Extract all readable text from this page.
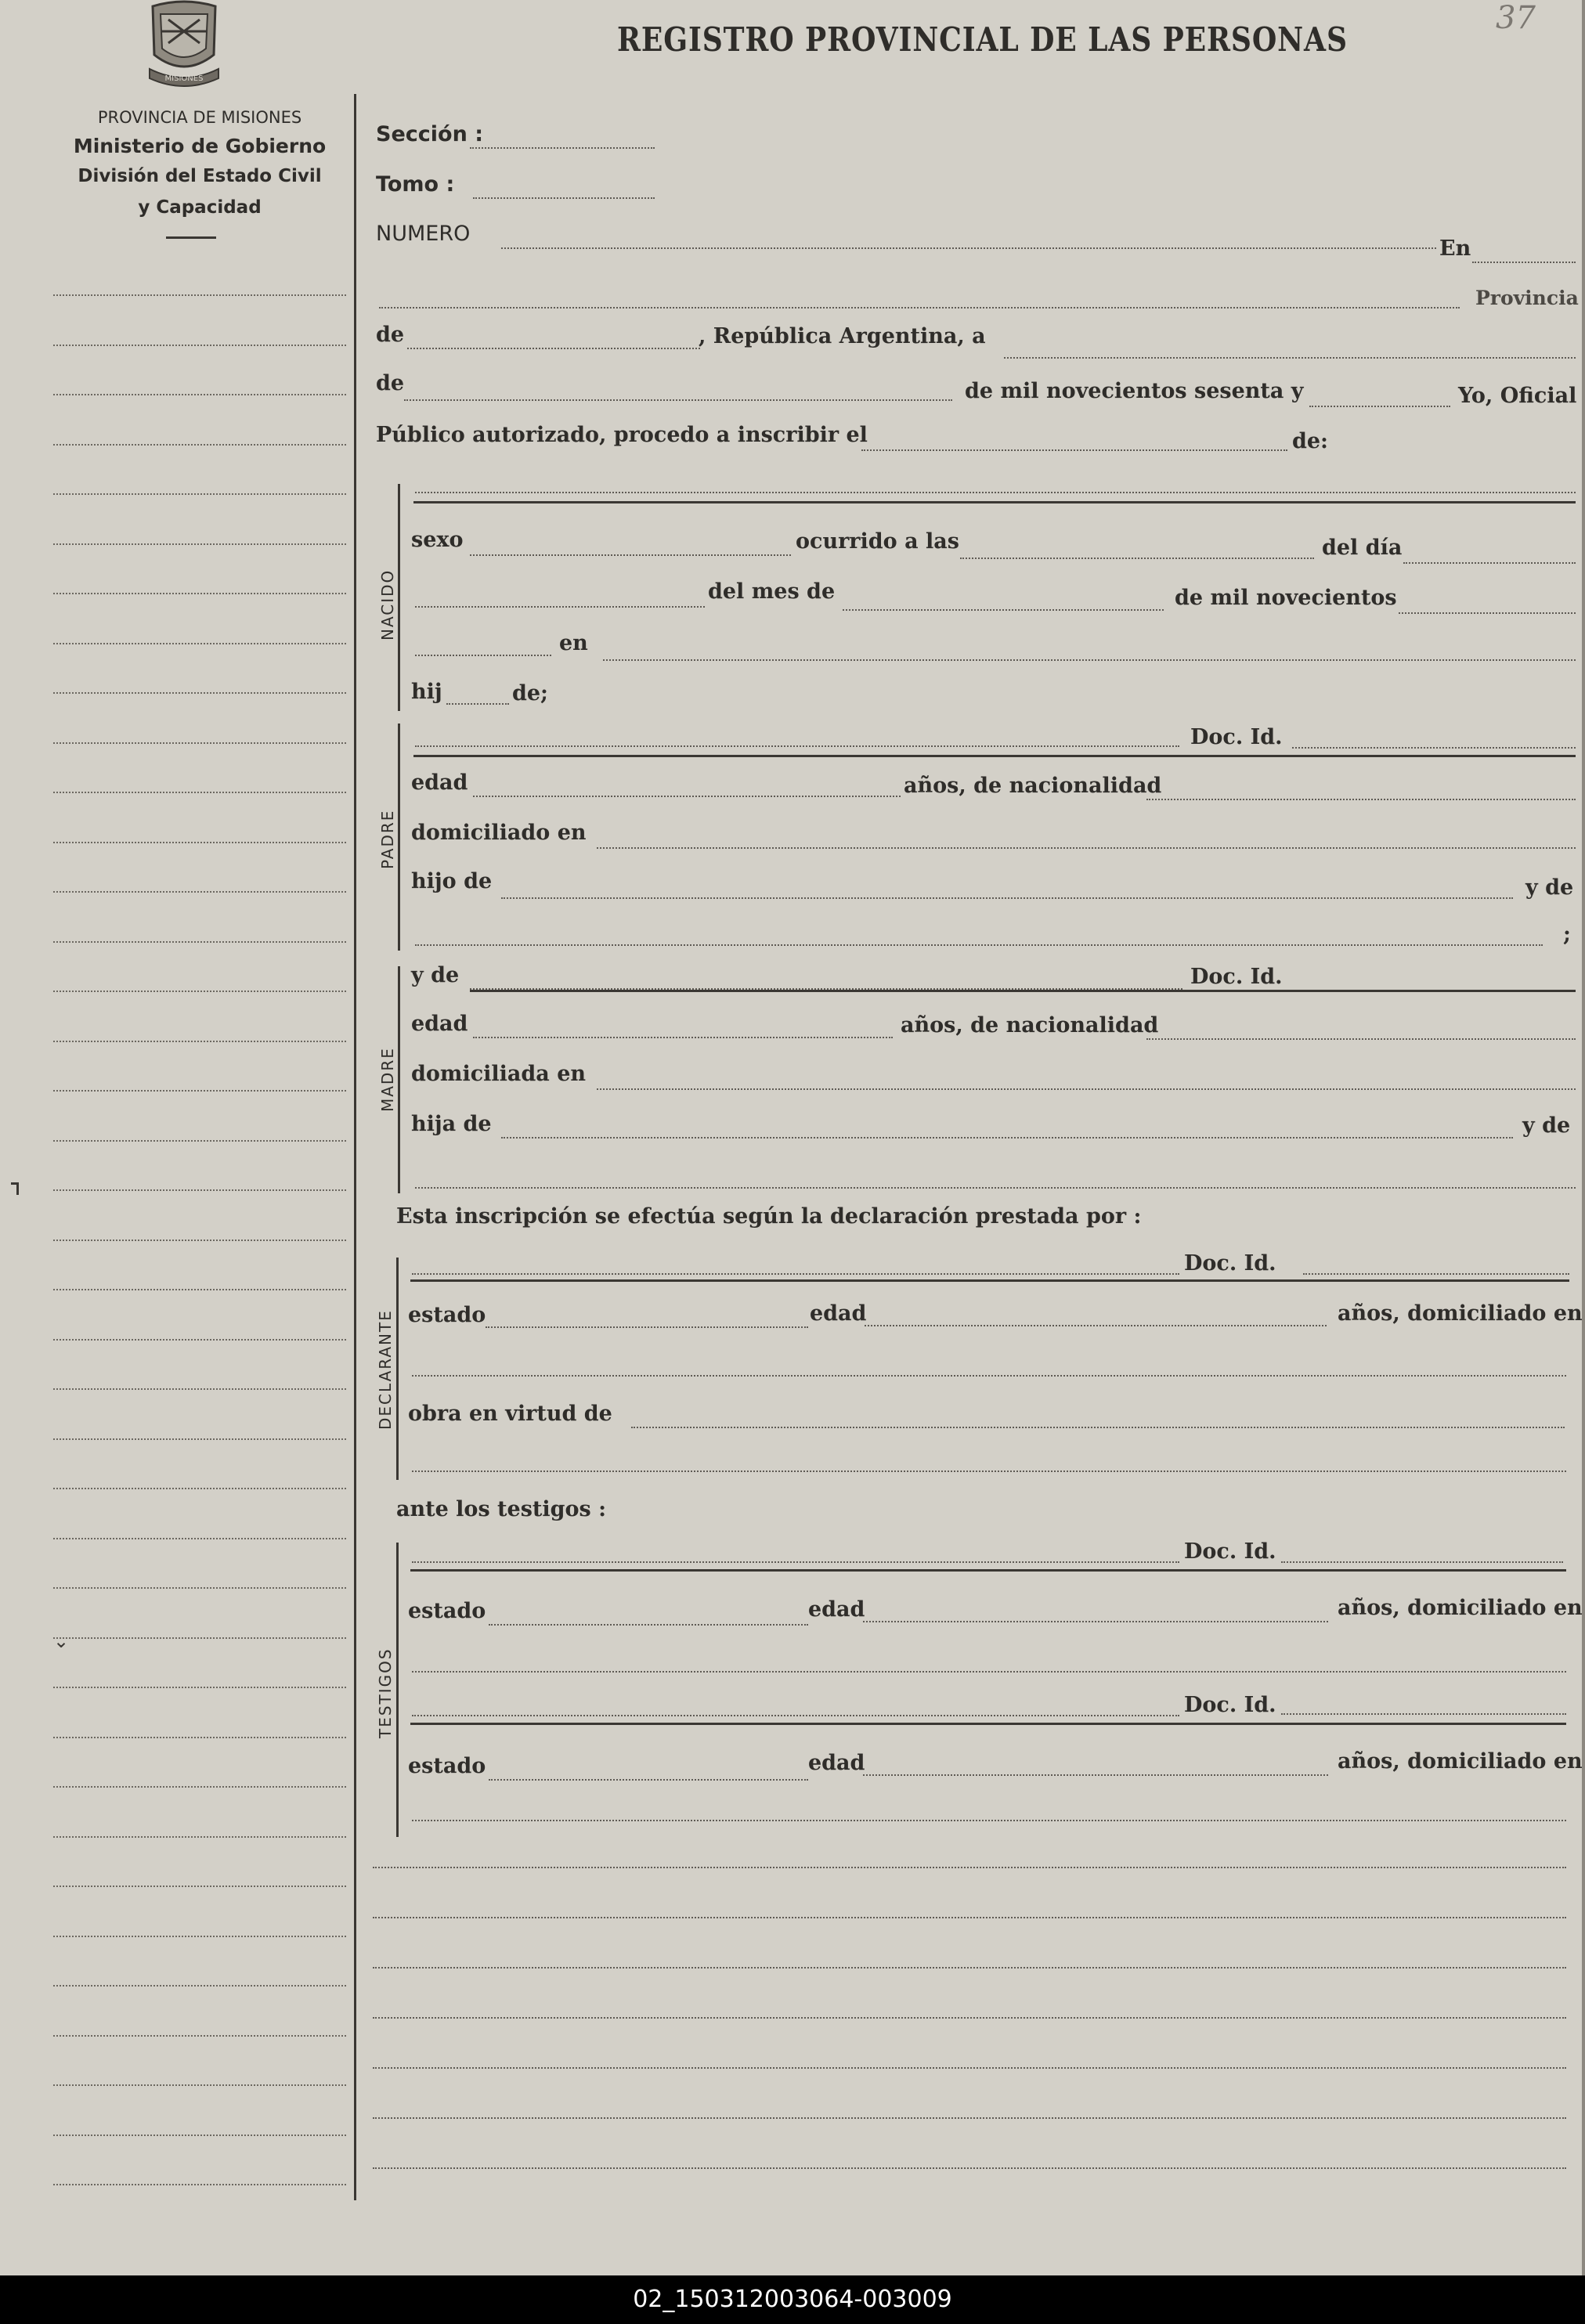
MISIONES
REGISTRO PROVINCIAL DE LAS PERSONAS
37
PROVINCIA DE MISIONES
Ministerio de Gobierno
División del Estado Civil
y Capacidad
Sección :
Tomo :
NUMERO
En
Provincia
de	, República Argentina, a
de	de mil novecientos sesenta y	Yo, Oficial
Público autorizado, procedo a inscribir el	de:
NACIDO
sexo	ocurrido a las	del día
del mes de	de mil novecientos
en
hij	de;
PADRE
Doc. Id.
edad	años, de nacionalidad
domiciliado en
hijo de	y de
;
MADRE
y de	Doc. Id.
edad	años, de nacionalidad
domiciliada en
hija de	y de
Esta inscripción se efectúa según la declaración prestada por :
DECLARANTE
Doc. Id.
estado	edad	años, domiciliado en
obra en virtud de
ante los testigos :
TESTIGOS
Doc. Id.
estado	edad	años, domiciliado en
Doc. Id.
estado	edad	años, domiciliado en
⌄
02_150312003064-003009
